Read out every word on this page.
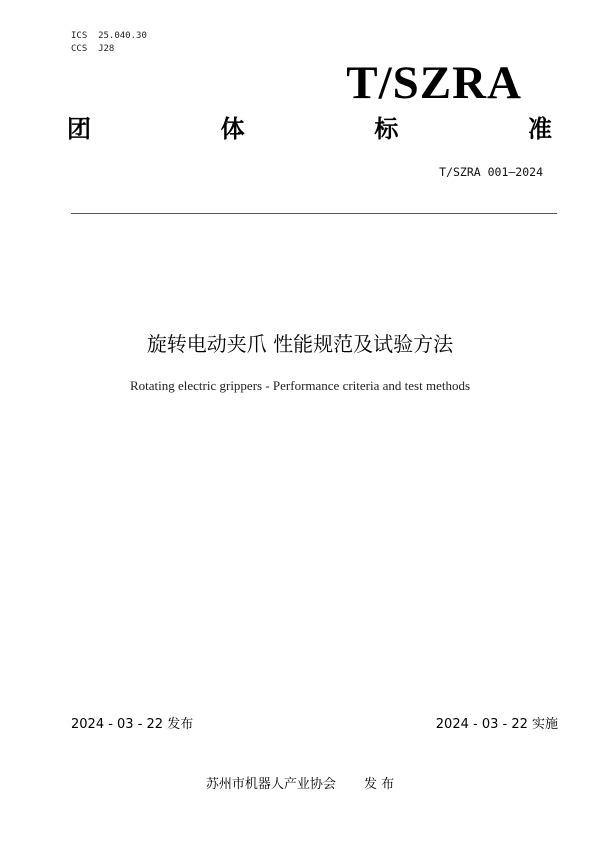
ICS  25.040.30
CCS  J28
T/SZRA
团	体	标	准
T/SZRA 001—2024
旋转电动夹爪 性能规范及试验方法
Rotating electric grippers - Performance criteria and test methods
2024 - 03 - 22 发布	2024 - 03 - 22 实施
苏州市机器人产业协会 发 布
